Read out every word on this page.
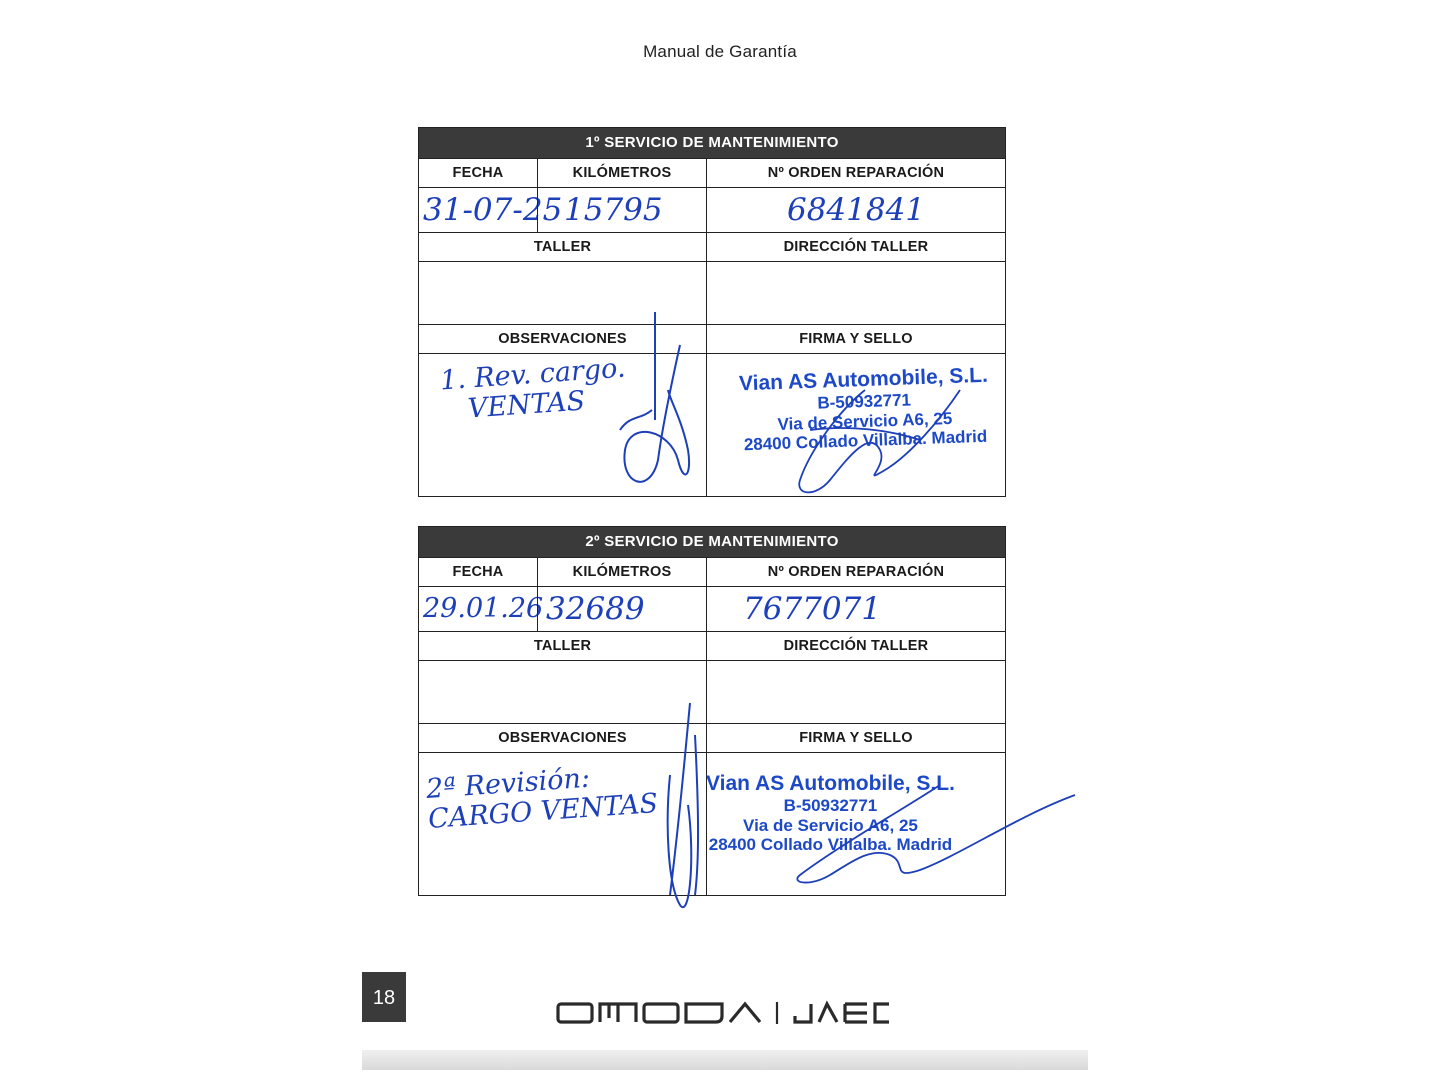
Manual de Garantía
1º SERVICIO DE MANTENIMIENTO
FECHA	KILÓMETROS	Nº ORDEN REPARACIÓN
31-07-25 15795	6841841
TALLER	DIRECCIÓN TALLER
OBSERVACIONES	FIRMA Y SELLO
1. Rev. cargo.
VENTAS
Vian AS Automobile, S.L.
B-50932771
Via de Servicio A6, 25
28400 Collado Villalba. Madrid
2º SERVICIO DE MANTENIMIENTO
FECHA	KILÓMETROS	Nº ORDEN REPARACIÓN
29.01.26 32689	7677071
TALLER	DIRECCIÓN TALLER
OBSERVACIONES	FIRMA Y SELLO
2ª Revisión:
CARGO VENTAS
Vian AS Automobile, S.L.
B-50932771
Via de Servicio A6, 25
28400 Collado Villalba. Madrid
18
